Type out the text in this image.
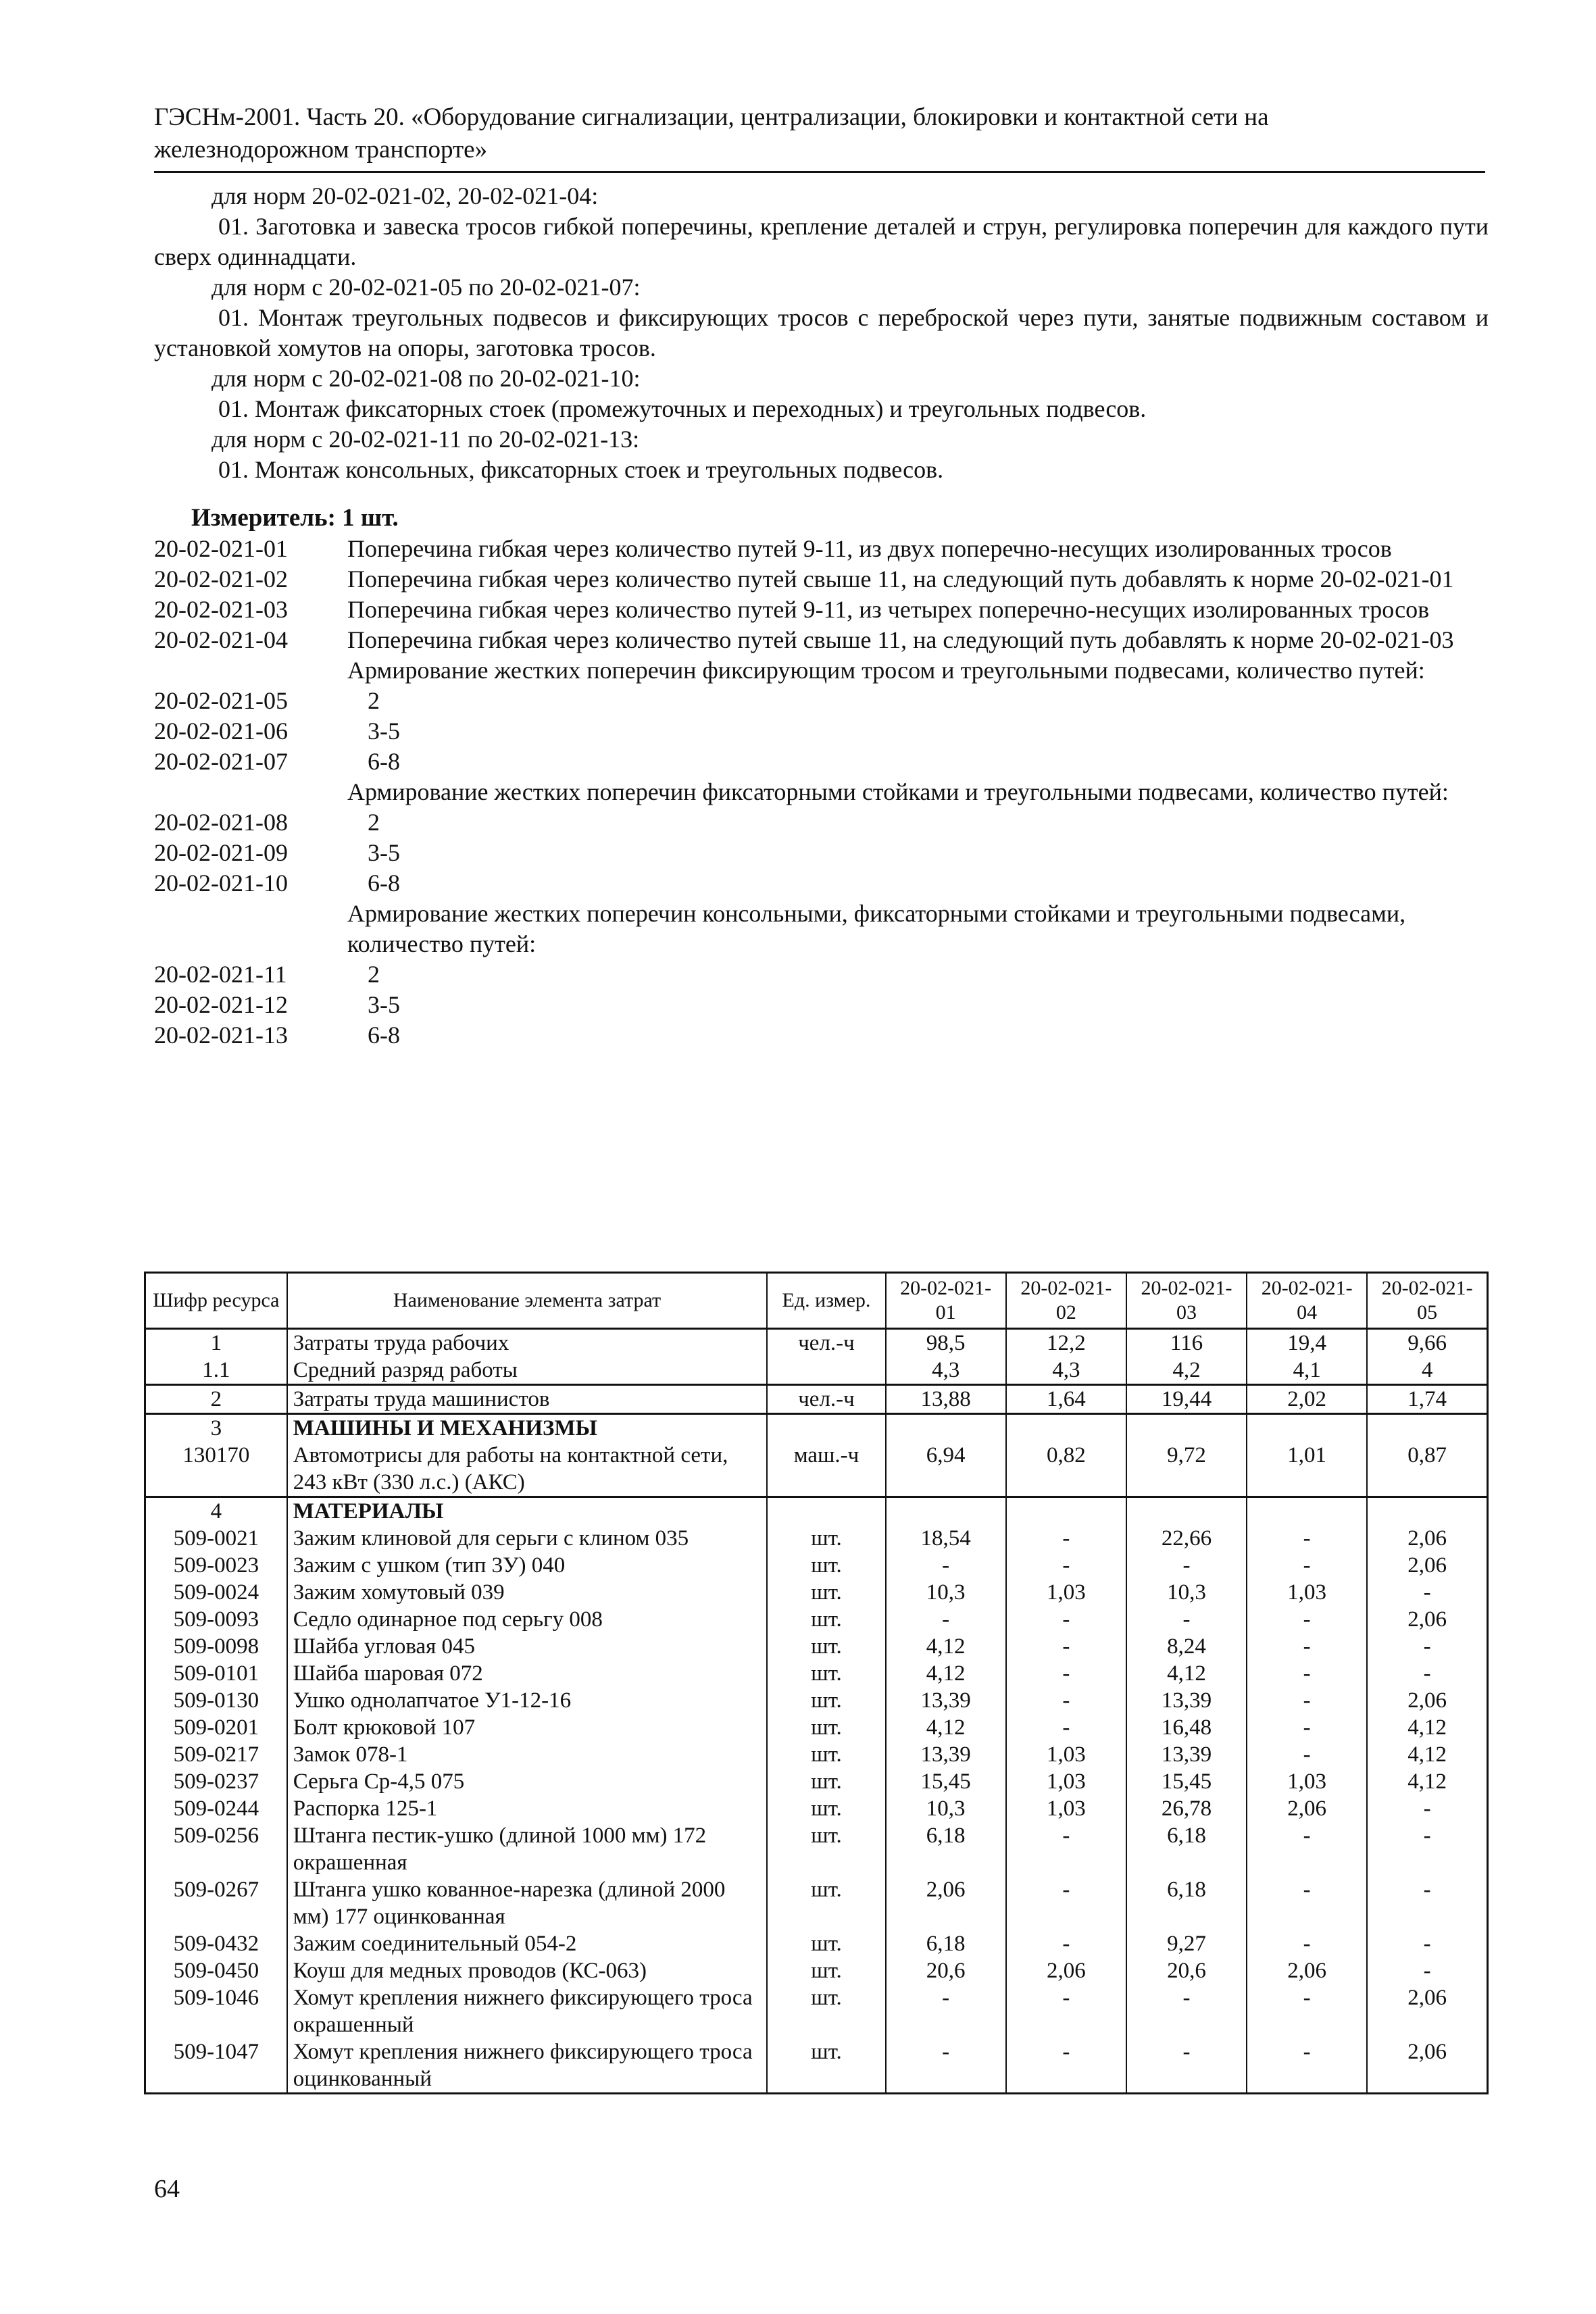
ГЭСНм-2001. Часть 20. «Оборудование сигнализации, централизации, блокировки и контактной сети на
железнодорожном транспорте»

для норм 20-02-021-02, 20-02-021-04:

01. Заготовка и завеска тросов гибкой поперечины, крепление деталей и струн, регулировка поперечин для каждого пути сверх одиннадцати.

для норм с 20-02-021-05 по 20-02-021-07:

01. Монтаж треугольных подвесов и фиксирующих тросов с переброской через пути, занятые подвижным составом и установкой хомутов на опоры, заготовка тросов.

для норм с 20-02-021-08 по 20-02-021-10:

01. Монтаж фиксаторных стоек (промежуточных и переходных) и треугольных подвесов.

для норм с 20-02-021-11 по 20-02-021-13:

01. Монтаж консольных, фиксаторных стоек и треугольных подвесов.

Измеритель: 1 шт.
20-02-021-01	Поперечина гибкая через количество путей 9-11, из двух поперечно-несущих изолированных тросов
20-02-021-02	Поперечина гибкая через количество путей свыше 11, на следующий путь добавлять к норме 20-02-021-01
20-02-021-03	Поперечина гибкая через количество путей 9-11, из четырех поперечно-несущих изолированных тросов
20-02-021-04	Поперечина гибкая через количество путей свыше 11, на следующий путь добавлять к норме 20-02-021-03
Армирование жестких поперечин фиксирующим тросом и треугольными подвесами, количество путей:
20-02-021-05	2
20-02-021-06	3-5
20-02-021-07	6-8
Армирование жестких поперечин фиксаторными стойками и треугольными подвесами, количество путей:
20-02-021-08	2
20-02-021-09	3-5
20-02-021-10	6-8
Армирование жестких поперечин консольными, фиксаторными стойками и треугольными подвесами, количество путей:
20-02-021-11	2
20-02-021-12	3-5
20-02-021-13	6-8
Шифр ресурса	Наименование элемента затрат	Ед. измер.	20-02-021-01	20-02-021-02	20-02-021-03	20-02-021-04	20-02-021-05
1	Затраты труда рабочих	чел.-ч	98,5	12,2	116	19,4	9,66
1.1	Средний разряд работы		4,3	4,3	4,2	4,1	4
2	Затраты труда машинистов	чел.-ч	13,88	1,64	19,44	2,02	1,74
3	МАШИНЫ И МЕХАНИЗМЫ						
130170	Автомотрисы для работы на контактной сети, 243 кВт (330 л.с.) (АКС)	маш.-ч	6,94	0,82	9,72	1,01	0,87
4	МАТЕРИАЛЫ						
509-0021	Зажим клиновой для серьги с клином 035	шт.	18,54	-	22,66	-	2,06
509-0023	Зажим с ушком (тип 3У) 040	шт.	-	-	-	-	2,06
509-0024	Зажим хомутовый 039	шт.	10,3	1,03	10,3	1,03	-
509-0093	Седло одинарное под серьгу 008	шт.	-	-	-	-	2,06
509-0098	Шайба угловая 045	шт.	4,12	-	8,24	-	-
509-0101	Шайба шаровая 072	шт.	4,12	-	4,12	-	-
509-0130	Ушко однолапчатое У1-12-16	шт.	13,39	-	13,39	-	2,06
509-0201	Болт крюковой 107	шт.	4,12	-	16,48	-	4,12
509-0217	Замок 078-1	шт.	13,39	1,03	13,39	-	4,12
509-0237	Серьга Ср-4,5 075	шт.	15,45	1,03	15,45	1,03	4,12
509-0244	Распорка 125-1	шт.	10,3	1,03	26,78	2,06	-
509-0256	Штанга пестик-ушко (длиной 1000 мм) 172 окрашенная	шт.	6,18	-	6,18	-	-
509-0267	Штанга ушко кованное-нарезка (длиной 2000 мм) 177 оцинкованная	шт.	2,06	-	6,18	-	-
509-0432	Зажим соединительный 054-2	шт.	6,18	-	9,27	-	-
509-0450	Коуш для медных проводов (КС-063)	шт.	20,6	2,06	20,6	2,06	-
509-1046	Хомут крепления нижнего фиксирующего троса окрашенный	шт.	-	-	-	-	2,06
509-1047	Хомут крепления нижнего фиксирующего троса оцинкованный	шт.	-	-	-	-	2,06
64
